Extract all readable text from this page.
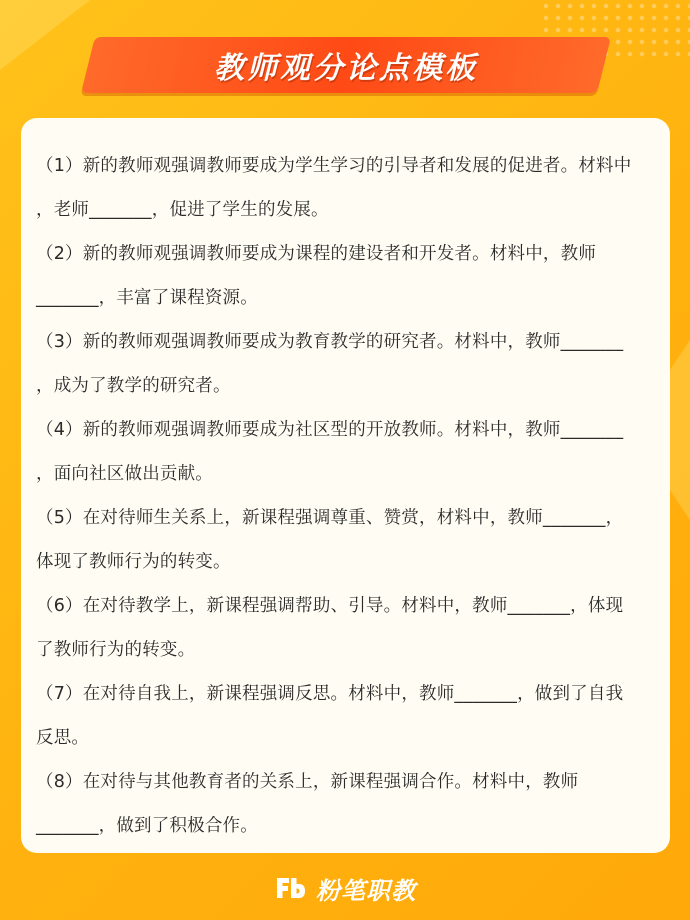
教师观分论点模板
（1）新的教师观强调教师要成为学生学习的引导者和发展的促进者。材料中
，老师_______，促进了学生的发展。
（2）新的教师观强调教师要成为课程的建设者和开发者。材料中，教师
_______，丰富了课程资源。
（3）新的教师观强调教师要成为教育教学的研究者。材料中，教师_______
，成为了教学的研究者。
（4）新的教师观强调教师要成为社区型的开放教师。材料中，教师_______
，面向社区做出贡献。
（5）在对待师生关系上，新课程强调尊重、赞赏，材料中，教师_______，
体现了教师行为的转变。
（6）在对待教学上，新课程强调帮助、引导。材料中，教师_______，体现
了教师行为的转变。
（7）在对待自我上，新课程强调反思。材料中，教师_______，做到了自我
反思。
（8）在对待与其他教育者的关系上，新课程强调合作。材料中，教师
_______，做到了积极合作。
粉笔职教
